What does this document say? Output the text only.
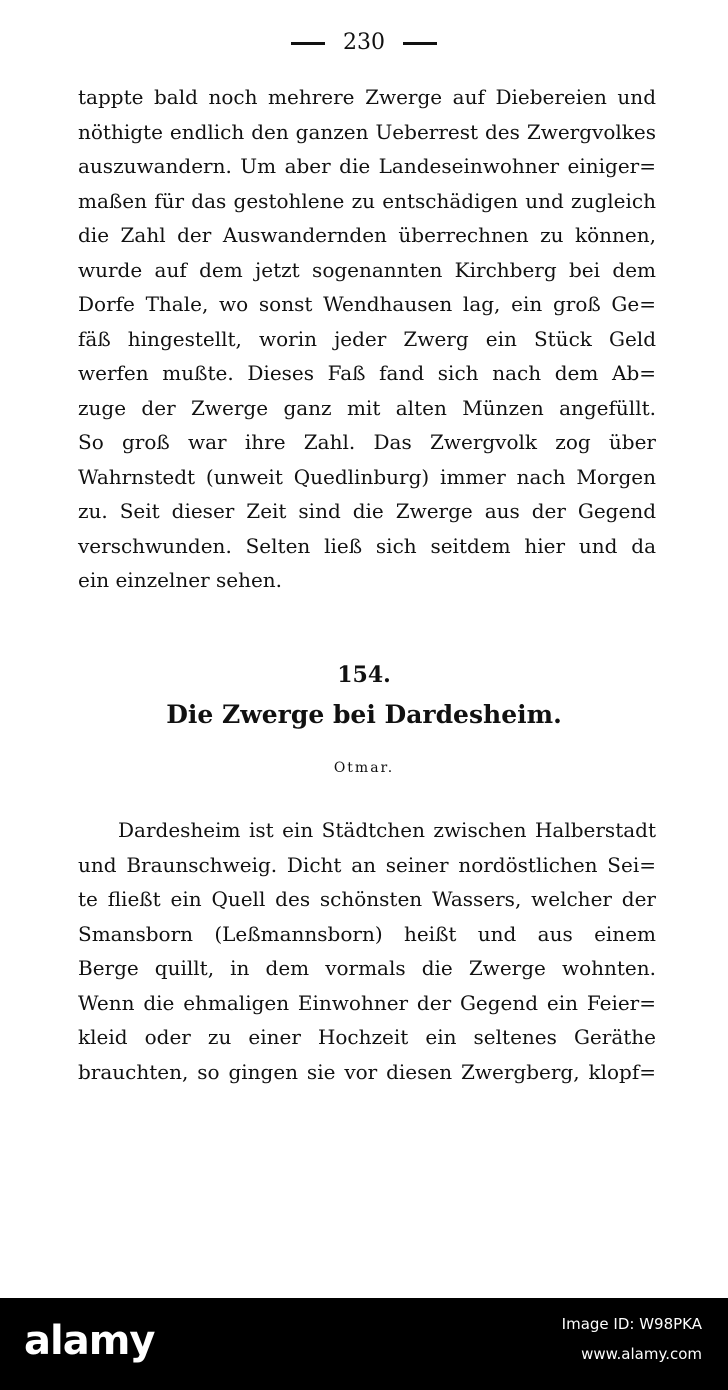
230
tappte bald noch mehrere Zwerge auf Diebereien und
nöthigte endlich den ganzen Ueberrest des Zwergvolkes
auszuwandern. Um aber die Landeseinwohner einiger=
maßen für das gestohlene zu entschädigen und zugleich
die Zahl der Auswandernden überrechnen zu können,
wurde auf dem jetzt sogenannten Kirchberg bei dem
Dorfe Thale, wo sonst Wendhausen lag, ein groß Ge=
fäß hingestellt, worin jeder Zwerg ein Stück Geld
werfen mußte. Dieses Faß fand sich nach dem Ab=
zuge der Zwerge ganz mit alten Münzen angefüllt.
So groß war ihre Zahl. Das Zwergvolk zog über
Wahrnstedt (unweit Quedlinburg) immer nach Morgen
zu. Seit dieser Zeit sind die Zwerge aus der Gegend
verschwunden. Selten ließ sich seitdem hier und da
ein einzelner sehen.
154.
Die Zwerge bei Dardesheim.
Otmar.
Dardesheim ist ein Städtchen zwischen Halberstadt
und Braunschweig. Dicht an seiner nordöstlichen Sei=
te fließt ein Quell des schönsten Wassers, welcher der
Smansborn (Leßmannsborn) heißt und aus einem
Berge quillt, in dem vormals die Zwerge wohnten.
Wenn die ehmaligen Einwohner der Gegend ein Feier=
kleid oder zu einer Hochzeit ein seltenes Geräthe
brauchten, so gingen sie vor diesen Zwergberg, klopf=
alamy	Image ID: W98PKA
www.alamy.com
